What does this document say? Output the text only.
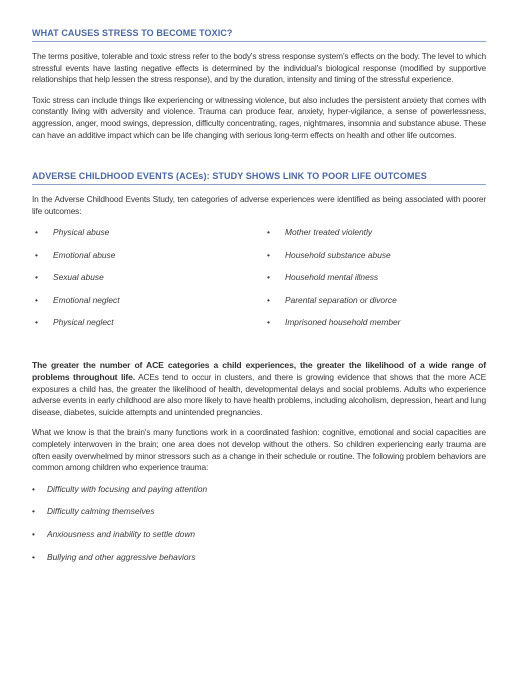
WHAT CAUSES STRESS TO BECOME TOXIC?

The terms positive, tolerable and toxic stress refer to the body's stress response system's effects on the body. The level to which stressful events have lasting negative effects is determined by the individual's biological response (modified by supportive relationships that help lessen the stress response), and by the duration, intensity and timing of the stressful experience.

Toxic stress can include things like experiencing or witnessing violence, but also includes the persistent anxiety that comes with constantly living with adversity and violence. Trauma can produce fear, anxiety, hyper-vigilance, a sense of powerlessness, aggression, anger, mood swings, depression, difficulty concentrating, rages, nightmares, insomnia and substance abuse. These can have an additive impact which can be life changing with serious long-term effects on health and other life outcomes.

ADVERSE CHILDHOOD EVENTS (ACEs): STUDY SHOWS LINK TO POOR LIFE OUTCOMES

In the Adverse Childhood Events Study, ten categories of adverse experiences were identified as being associated with poorer life outcomes:

• Physical abuse
• Emotional abuse
• Sexual abuse
• Emotional neglect
• Physical neglect
• Mother treated violently
• Household substance abuse
• Household mental illness
• Parental separation or divorce
• Imprisoned household member

The greater the number of ACE categories a child experiences, the greater the likelihood of a wide range of problems throughout life. ACEs tend to occur in clusters, and there is growing evidence that shows that the more ACE exposures a child has, the greater the likelihood of health, developmental delays and social problems. Adults who experience adverse events in early childhood are also more likely to have health problems, including alcoholism, depression, heart and lung disease, diabetes, suicide attempts and unintended pregnancies.

What we know is that the brain's many functions work in a coordinated fashion: cognitive, emotional and social capacities are completely interwoven in the brain; one area does not develop without the others. So children experiencing early trauma are often easily overwhelmed by minor stressors such as a change in their schedule or routine. The following problem behaviors are common among children who experience trauma:

• Difficulty with focusing and paying attention
• Difficulty calming themselves
• Anxiousness and inability to settle down
• Bullying and other aggressive behaviors
